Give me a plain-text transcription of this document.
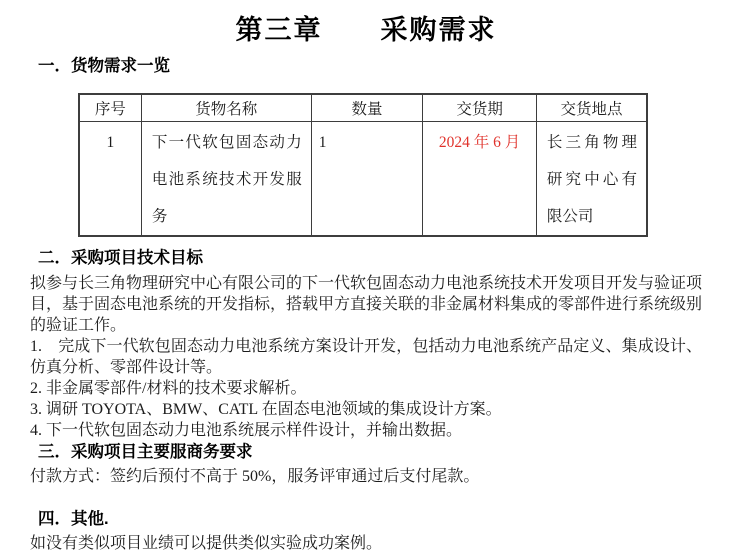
第三章　　采购需求
一．货物需求一览
序号	货物名称	数量	交货期	交货地点
1	下一代软包固态动力电池系统技术开发服务	1	2024 年 6 月	长三角物理研究中心有限公司
二．采购项目技术目标

拟参与长三角物理研究中心有限公司的下一代软包固态动力电池系统技术开发项目开发与验证项目，基于固态电池系统的开发指标，搭载甲方直接关联的非金属材料集成的零部件进行系统级别的验证工作。

1.　完成下一代软包固态动力电池系统方案设计开发，包括动力电池系统产品定义、集成设计、仿真分析、零部件设计等。

2. 非金属零部件/材料的技术要求解析。

3. 调研 TOYOTA、BMW、CATL 在固态电池领域的集成设计方案。

4. 下一代软包固态动力电池系统展示样件设计，并输出数据。

三．采购项目主要服商务要求

付款方式：签约后预付不高于 50%，服务评审通过后支付尾款。

四．其他.

如没有类似项目业绩可以提供类似实验成功案例。
